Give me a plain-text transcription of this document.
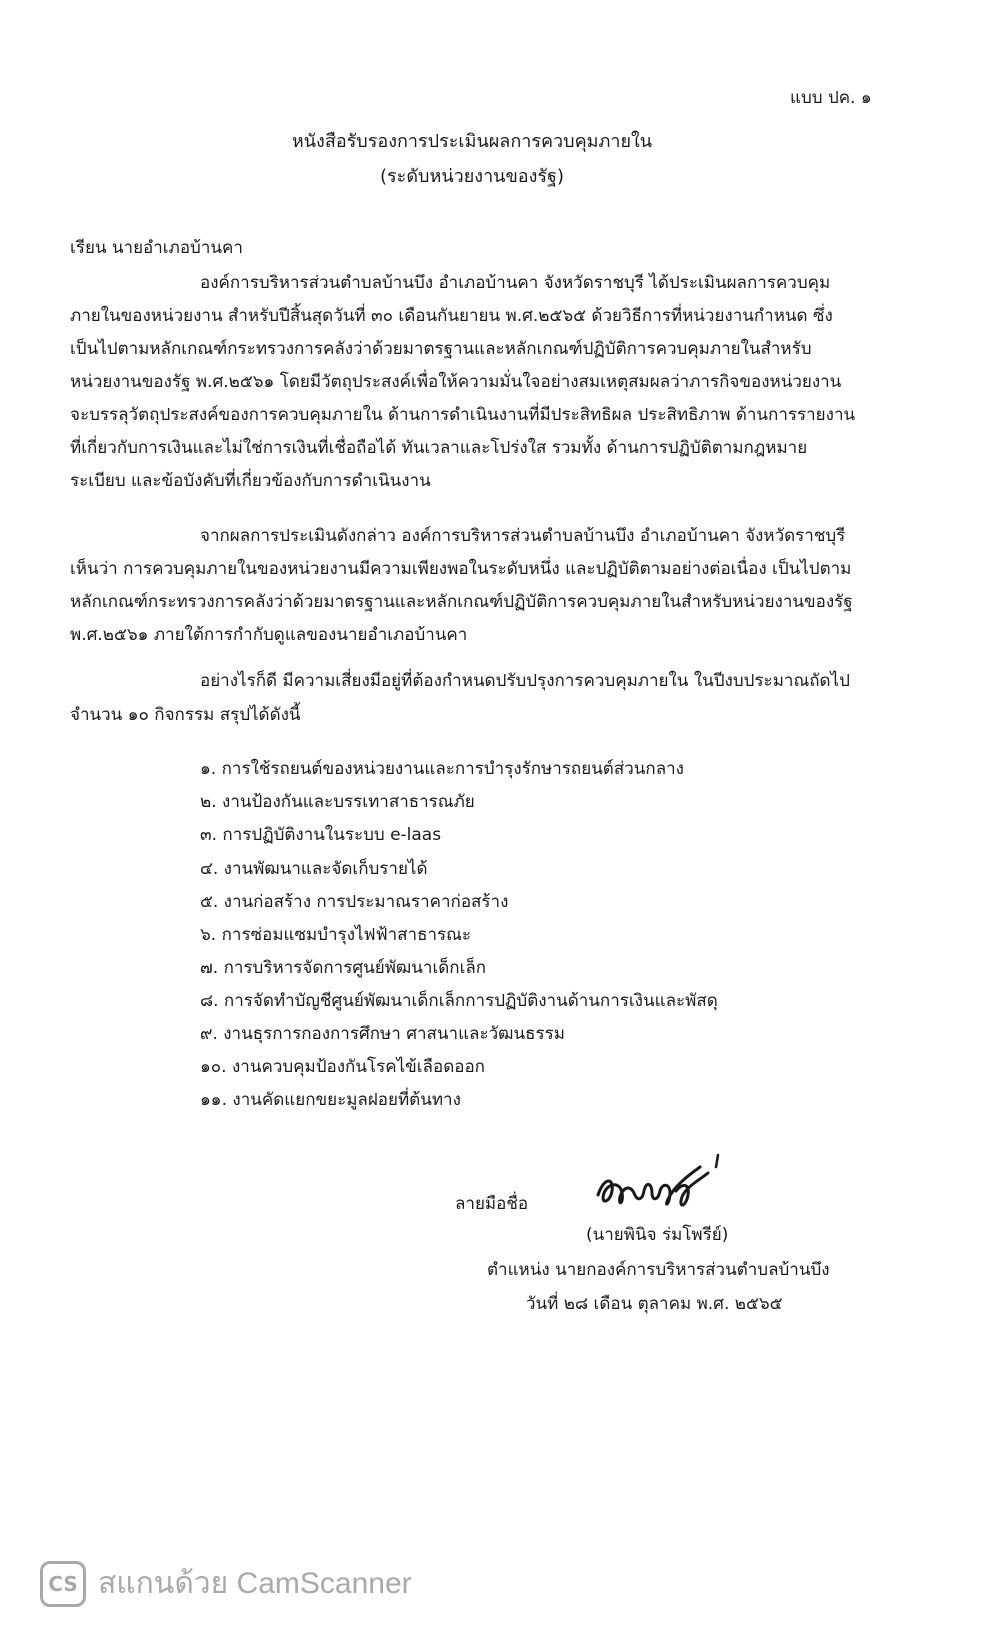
แบบ ปค. ๑
หนังสือรับรองการประเมินผลการควบคุมภายใน
(ระดับหน่วยงานของรัฐ)
เรียน นายอำเภอบ้านคา
องค์การบริหารส่วนตำบลบ้านบึง อำเภอบ้านคา จังหวัดราชบุรี ได้ประเมินผลการควบคุม
ภายในของหน่วยงาน สำหรับปีสิ้นสุดวันที่ ๓๐ เดือนกันยายน พ.ศ.๒๕๖๕ ด้วยวิธีการที่หน่วยงานกำหนด ซึ่ง
เป็นไปตามหลักเกณฑ์กระทรวงการคลังว่าด้วยมาตรฐานและหลักเกณฑ์ปฏิบัติการควบคุมภายในสำหรับ
หน่วยงานของรัฐ พ.ศ.๒๕๖๑ โดยมีวัตถุประสงค์เพื่อให้ความมั่นใจอย่างสมเหตุสมผลว่าภารกิจของหน่วยงาน
จะบรรลุวัตถุประสงค์ของการควบคุมภายใน ด้านการดำเนินงานที่มีประสิทธิผล ประสิทธิภาพ ด้านการรายงาน
ที่เกี่ยวกับการเงินและไม่ใช่การเงินที่เชื่อถือได้ ทันเวลาและโปร่งใส รวมทั้ง ด้านการปฏิบัติตามกฎหมาย
ระเบียบ และข้อบังคับที่เกี่ยวข้องกับการดำเนินงาน
จากผลการประเมินดังกล่าว องค์การบริหารส่วนตำบลบ้านบึง อำเภอบ้านคา จังหวัดราชบุรี
เห็นว่า การควบคุมภายในของหน่วยงานมีความเพียงพอในระดับหนึ่ง และปฏิบัติตามอย่างต่อเนื่อง เป็นไปตาม
หลักเกณฑ์กระทรวงการคลังว่าด้วยมาตรฐานและหลักเกณฑ์ปฏิบัติการควบคุมภายในสำหรับหน่วยงานของรัฐ
พ.ศ.๒๕๖๑ ภายใต้การกำกับดูแลของนายอำเภอบ้านคา
อย่างไรก็ดี มีความเสี่ยงมีอยู่ที่ต้องกำหนดปรับปรุงการควบคุมภายใน ในปีงบประมาณถัดไป
จำนวน ๑๐ กิจกรรม สรุปได้ดังนี้
๑. การใช้รถยนต์ของหน่วยงานและการบำรุงรักษารถยนต์ส่วนกลาง
๒. งานป้องกันและบรรเทาสาธารณภัย
๓. การปฏิบัติงานในระบบ e-laas
๔. งานพัฒนาและจัดเก็บรายได้
๕. งานก่อสร้าง การประมาณราคาก่อสร้าง
๖. การซ่อมแซมบำรุงไฟฟ้าสาธารณะ
๗. การบริหารจัดการศูนย์พัฒนาเด็กเล็ก
๘. การจัดทำบัญชีศูนย์พัฒนาเด็กเล็กการปฏิบัติงานด้านการเงินและพัสดุ
๙. งานธุรการกองการศึกษา ศาสนาและวัฒนธรรม
๑๐. งานควบคุมป้องกันโรคไข้เลือดออก
๑๑. งานคัดแยกขยะมูลฝอยที่ต้นทาง
ลายมือชื่อ
(นายพินิจ ร่มโพรีย์)
ตำแหน่ง นายกองค์การบริหารส่วนตำบลบ้านบึง
วันที่ ๒๘ เดือน ตุลาคม พ.ศ. ๒๕๖๕
CS สแกนด้วย CamScanner
